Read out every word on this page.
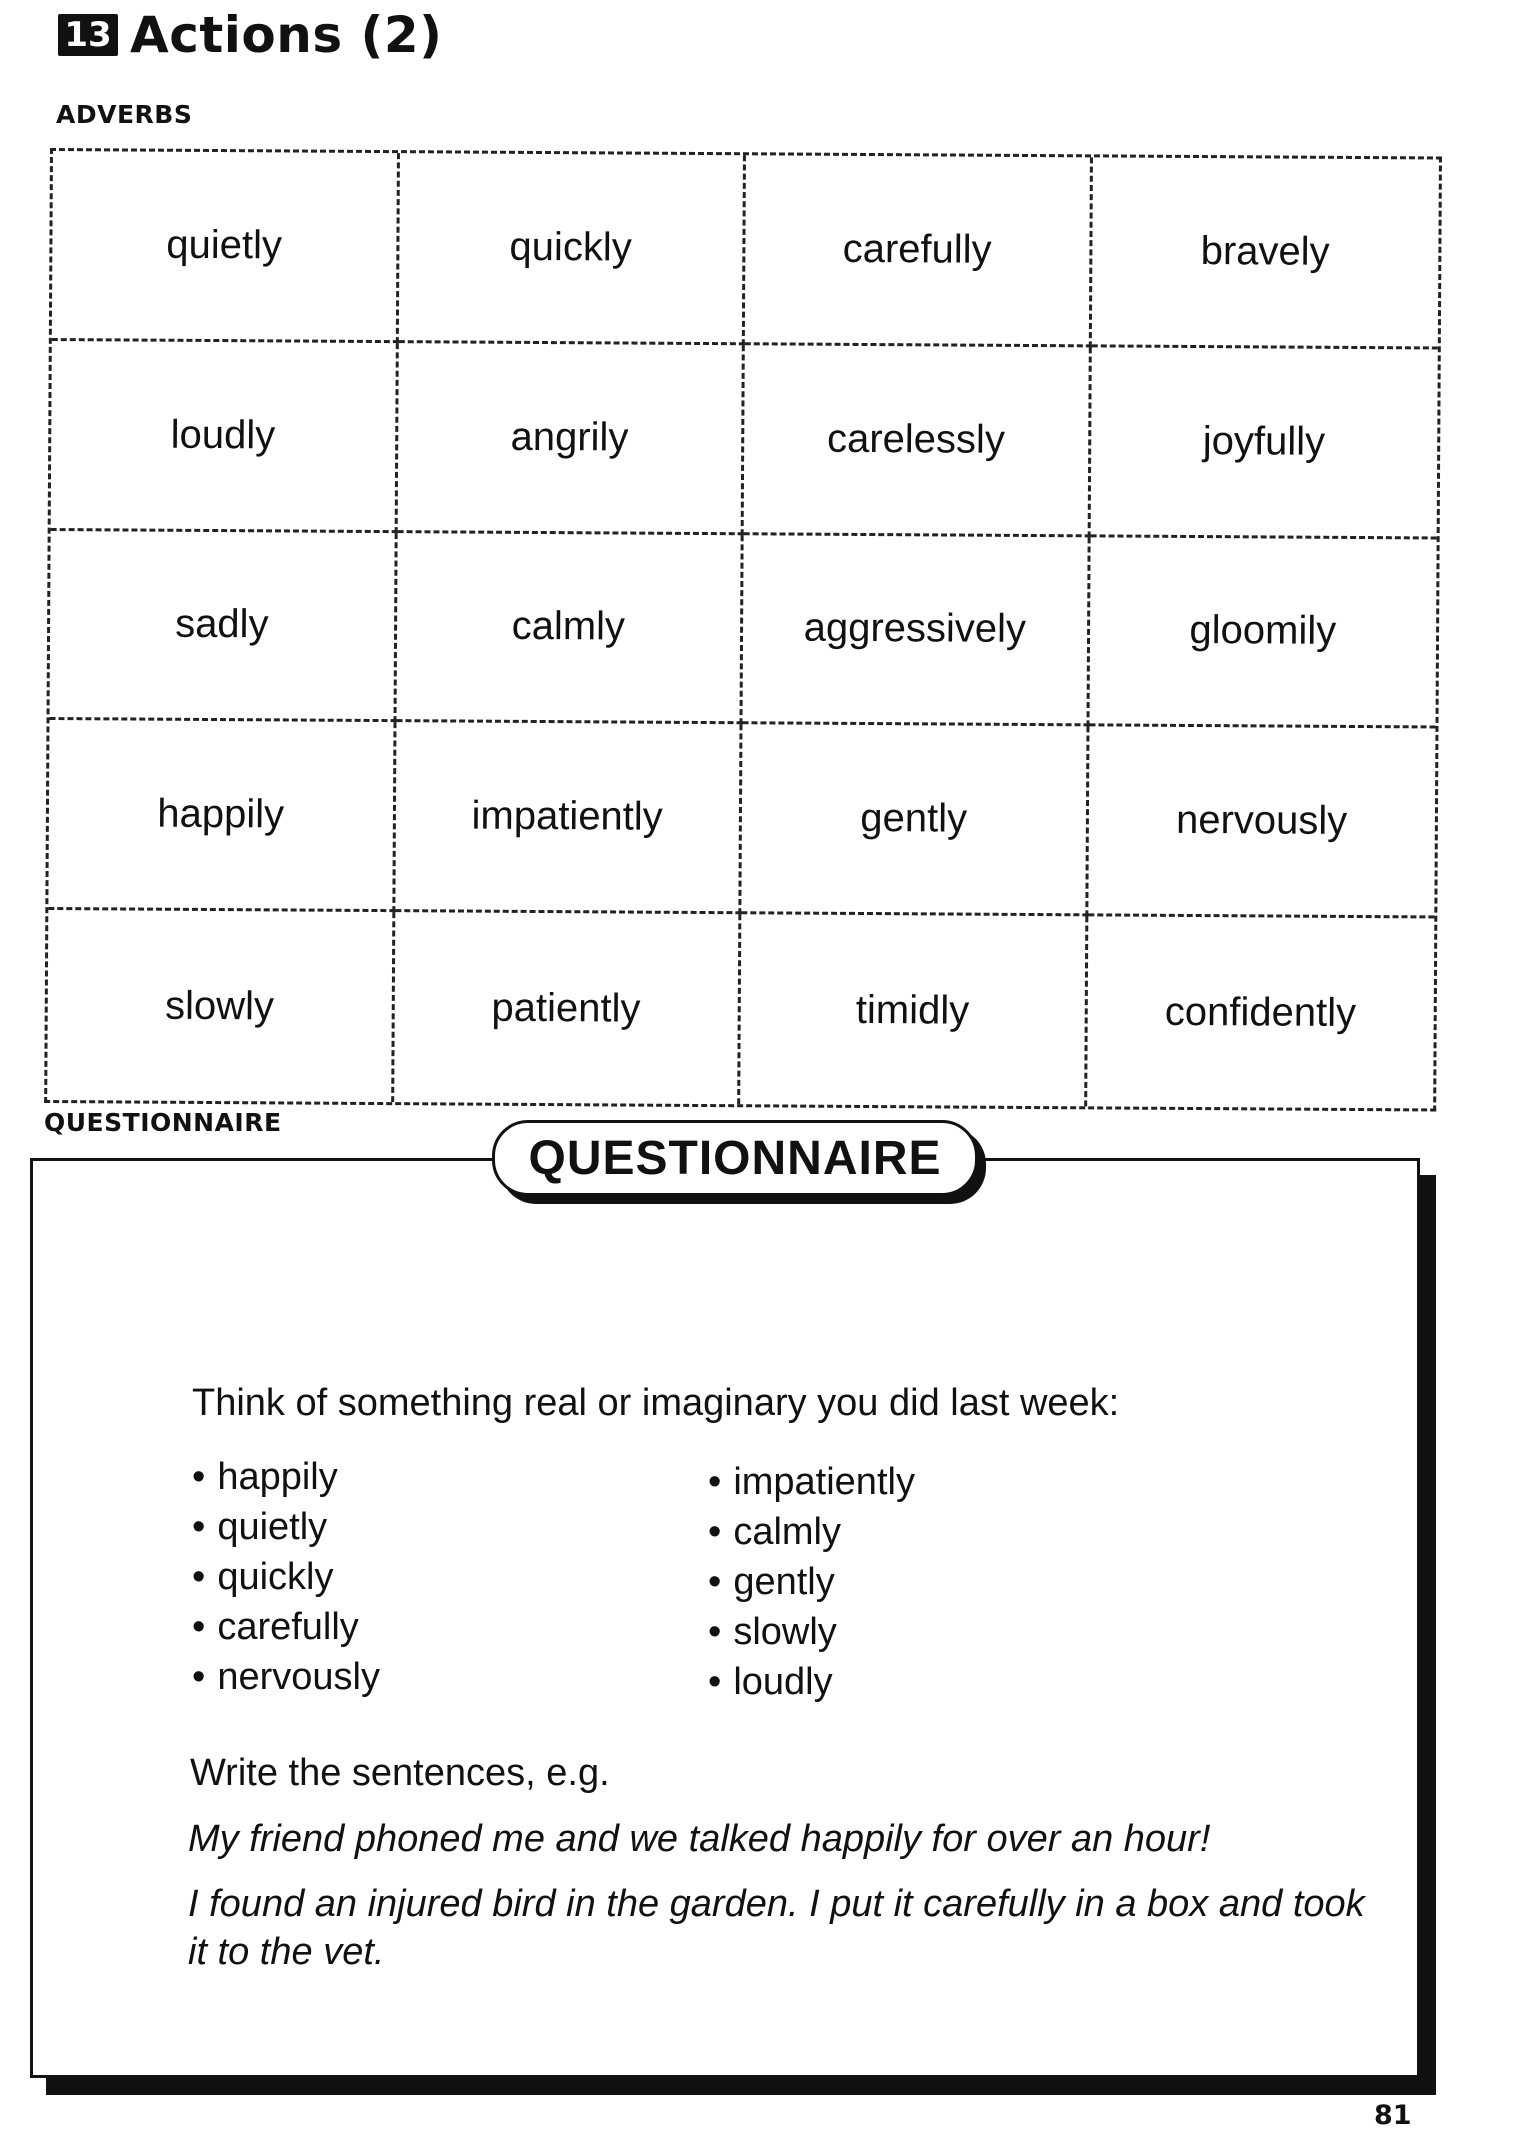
13 Actions (2)
ADVERBS
quietly	quickly	carefully	bravely
loudly	angrily	carelessly	joyfully
sadly	calmly	aggressively	gloomily
happily	impatiently	gently	nervously
slowly	patiently	timidly	confidently
QUESTIONNAIRE
QUESTIONNAIRE
Think of something real or imaginary you did last week:
• happily
• quietly
• quickly
• carefully
• nervously
• impatiently
• calmly
• gently
• slowly
• loudly
Write the sentences, e.g.
My friend phoned me and we talked happily for over an hour!
I found an injured bird in the garden. I put it carefully in a box and took it to the vet.
81
